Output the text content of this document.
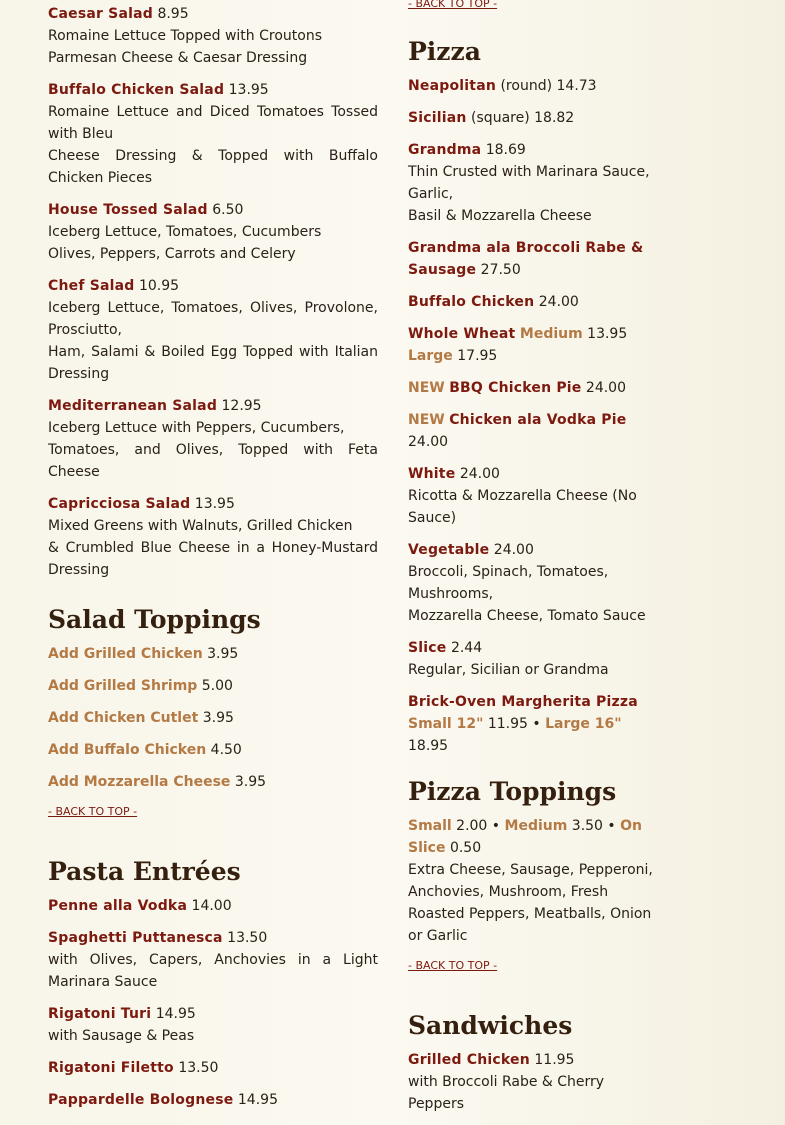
Caesar Salad 8.95
Romaine Lettuce Topped with Croutons
Parmesan Cheese & Caesar Dressing
Buffalo Chicken Salad 13.95
Romaine Lettuce and Diced Tomatoes Tossed with Bleu
Cheese Dressing & Topped with Buffalo Chicken Pieces
House Tossed Salad 6.50
Iceberg Lettuce, Tomatoes, Cucumbers
Olives, Peppers, Carrots and Celery
Chef Salad 10.95
Iceberg Lettuce, Tomatoes, Olives, Provolone, Prosciutto,
Ham, Salami & Boiled Egg Topped with Italian Dressing
Mediterranean Salad 12.95
Iceberg Lettuce with Peppers, Cucumbers,
Tomatoes, and Olives, Topped with Feta Cheese
Capricciosa Salad 13.95
Mixed Greens with Walnuts, Grilled Chicken
& Crumbled Blue Cheese in a Honey-Mustard Dressing
Salad Toppings
Add Grilled Chicken 3.95
Add Grilled Shrimp 5.00
Add Chicken Cutlet 3.95
Add Buffalo Chicken 4.50
Add Mozzarella Cheese 3.95
- BACK TO TOP -
Pasta Entrées
Penne alla Vodka 14.00
Spaghetti Puttanesca 13.50
with Olives, Capers, Anchovies in a Light Marinara Sauce
Rigatoni Turi 14.95
with Sausage & Peas
Rigatoni Filetto 13.50
Pappardelle Bolognese 14.95
- BACK TO TOP -
Pizza
Neapolitan (round) 14.73
Sicilian (square) 18.82
Grandma 18.69
Thin Crusted with Marinara Sauce, Garlic,
Basil & Mozzarella Cheese
Grandma ala Broccoli Rabe & Sausage 27.50
Buffalo Chicken 24.00
Whole Wheat Medium 13.95 Large 17.95
NEW BBQ Chicken Pie 24.00
NEW Chicken ala Vodka Pie 24.00
White 24.00
Ricotta & Mozzarella Cheese (No Sauce)
Vegetable 24.00
Broccoli, Spinach, Tomatoes, Mushrooms,
Mozzarella Cheese, Tomato Sauce
Slice 2.44
Regular, Sicilian or Grandma
Brick-Oven Margherita Pizza
Small 12" 11.95 • Large 16" 18.95
Pizza Toppings
Small 2.00 • Medium 3.50 • On Slice 0.50
Extra Cheese, Sausage, Pepperoni, Anchovies, Mushroom, Fresh
Roasted Peppers, Meatballs, Onion or Garlic
- BACK TO TOP -
Sandwiches
Grilled Chicken 11.95
with Broccoli Rabe & Cherry Peppers
